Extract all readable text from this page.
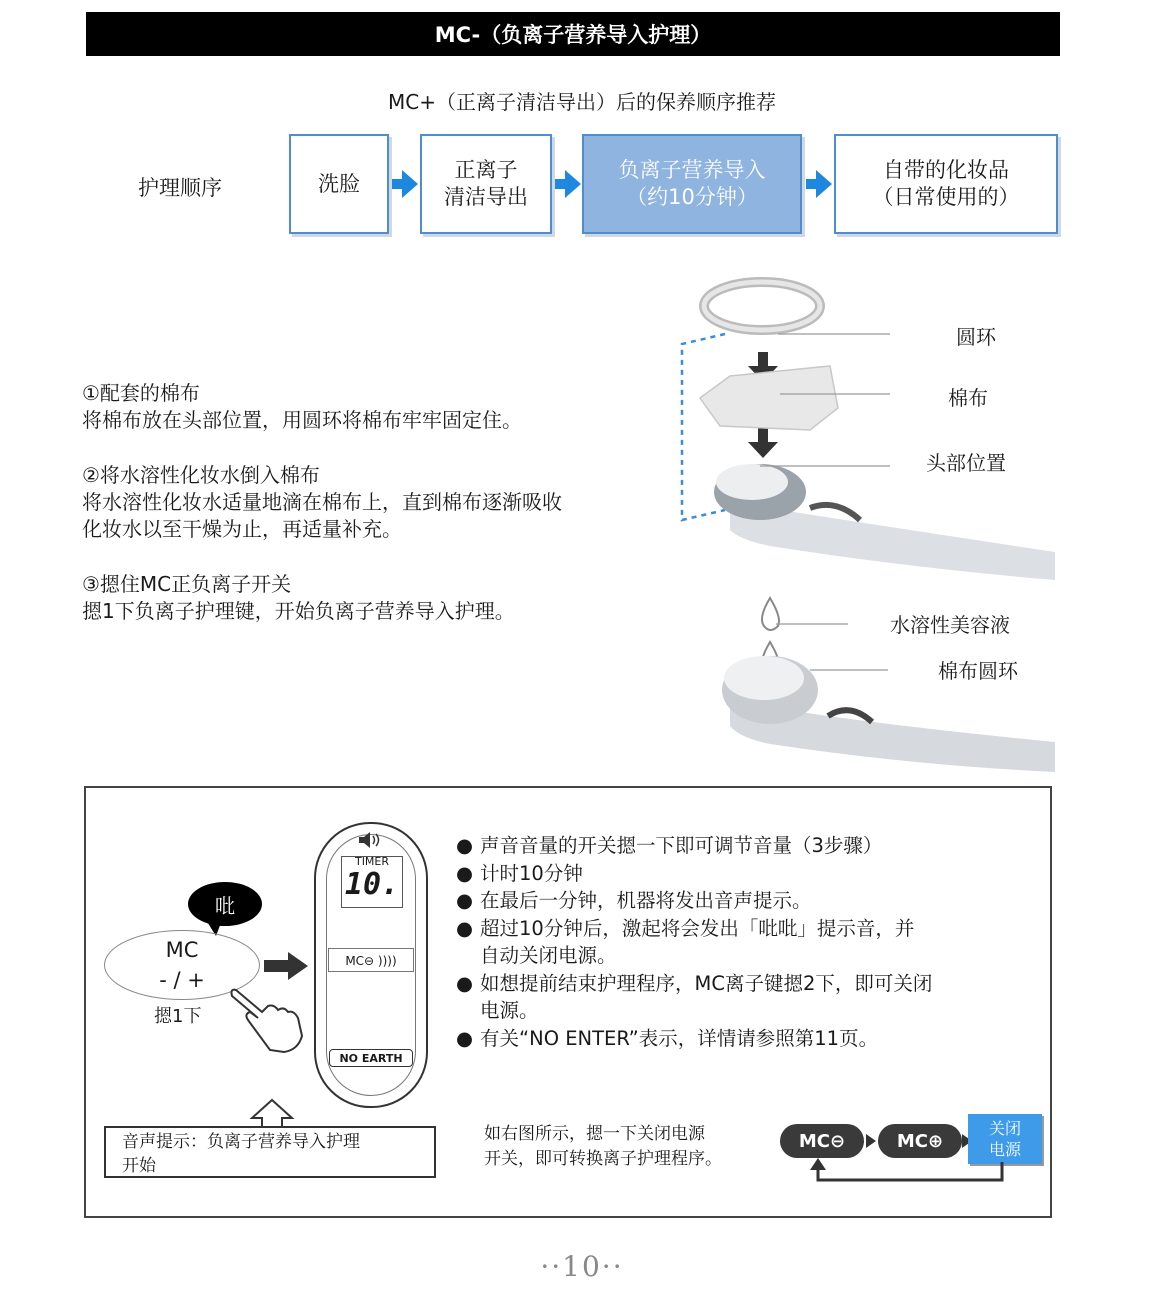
MC-（负离子营养导入护理）
MC+（正离子清洁导出）后的保养顺序推荐
护理顺序	洗脸
正离子
清洁导出
负离子营养导入
（约10分钟）
自带的化妆品
（日常使用的）

①配套的棉布
将棉布放在头部位置，用圆环将棉布牢牢固定住。

②将水溶性化妆水倒入棉布
将水溶性化妆水适量地滴在棉布上，直到棉布逐渐吸收
化妆水以至干燥为止，再适量补充。

③摁住MC正负离子开关
摁1下负离子护理键，开始负离子营养导入护理。

圆环
棉布
头部位置
水溶性美容液
棉布圆环
吡
MC
- / +
摁1下
TIMER
10.
MC⊖ ))))
NO EARTH
● 声音音量的开关摁一下即可调节音量（3步骤）
● 计时10分钟
● 在最后一分钟，机器将发出音声提示。
● 超过10分钟后，激起将会发出「吡吡」提示音，并
自动关闭电源。
● 如想提前结束护理程序，MC离子键摁2下，即可关闭
电源。
● 有关“NO ENTER”表示，详情请参照第11页。
音声提示：负离子营养导入护理
开始
如右图所示，摁一下关闭电源
开关，即可转换离子护理程序。
MC⊖	MC⊕
关闭
电源
··10··
